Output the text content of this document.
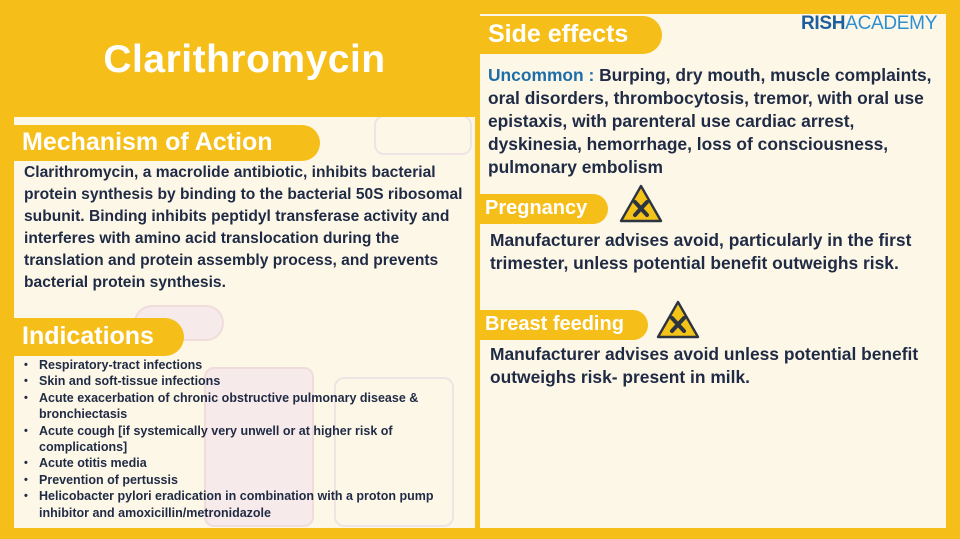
Clarithromycin
RISHACADEMY
Mechanism of Action
Clarithromycin, a macrolide antibiotic, inhibits bacterial protein synthesis by binding to the bacterial 50S ribosomal subunit. Binding inhibits peptidyl transferase activity and interferes with amino acid translocation during the translation and protein assembly process, and prevents bacterial protein synthesis.
Indications
• Respiratory-tract infections
• Skin and soft-tissue infections
• Acute exacerbation of chronic obstructive pulmonary disease & bronchiectasis
• Acute cough [if systemically very unwell or at higher risk of complications]
• Acute otitis media
• Prevention of pertussis
• Helicobacter pylori eradication in combination with a proton pump inhibitor and amoxicillin/metronidazole
Side effects
Uncommon : Burping, dry mouth, muscle complaints, oral disorders, thrombocytosis, tremor, with oral use epistaxis, with parenteral use cardiac arrest, dyskinesia, hemorrhage, loss of consciousness, pulmonary embolism
Pregnancy
Manufacturer advises avoid, particularly in the first trimester, unless potential benefit outweighs risk.
Breast feeding
Manufacturer advises avoid unless potential benefit outweighs risk- present in milk.
